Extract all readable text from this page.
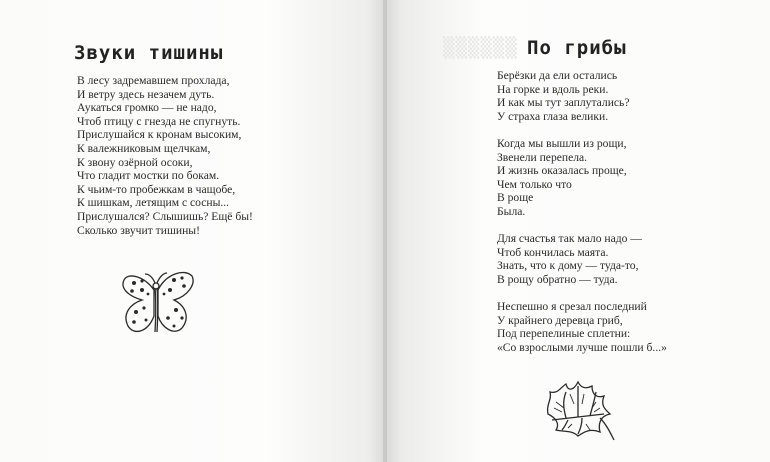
Звуки тишины
В лесу задремавшем прохлада,
И ветру здесь незачем дуть.
Аукаться громко — не надо,
Чтоб птицу с гнезда не спугнуть.
Прислушайся к кронам высоким,
К валежниковым щелчкам,
К звону озёрной осоки,
Что гладит мостки по бокам.
К чьим-то пробежкам в чащобе,
К шишкам, летящим с сосны...
Прислушался? Слышишь? Ещё бы!
Сколько звучит тишины!
▒▒▒▒▒▒ По грибы
Берёзки да ели остались
На горке и вдоль реки.
И как мы тут заплутались?
У страха глаза велики.
Когда мы вышли из рощи,
Звенели перепела.
И жизнь оказалась проще,
Чем только что
В роще
Была.
Для счастья так мало надо —
Чтоб кончилась маята.
Знать, что к дому — туда-то,
В рощу обратно — туда.
Неспешно я срезал последний
У крайнего деревца гриб,
Под перепелиные сплетни:
«Со взрослыми лучше пошли б...»
